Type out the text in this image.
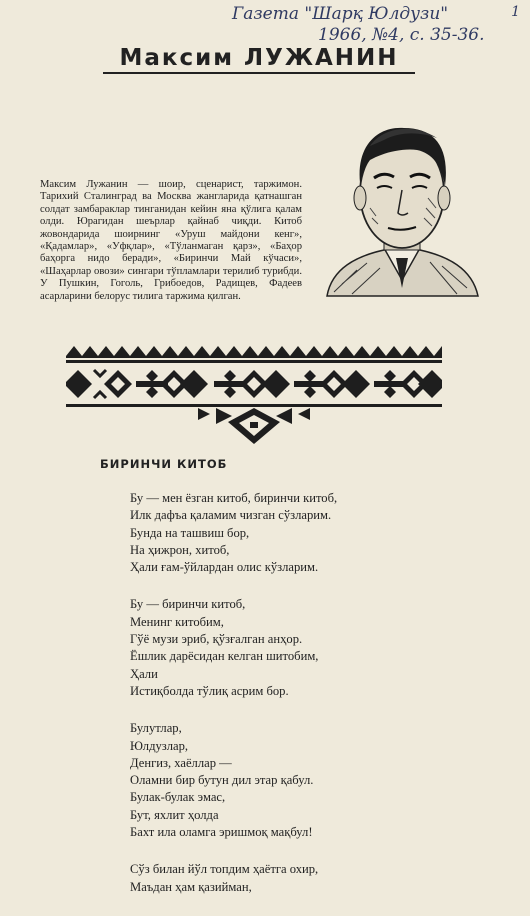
Газета "Шарқ Юлдузи"
1966, №4, с. 35-36.
1
Максим ЛУЖАНИН
Максим Лужанин — шоир, сценарист, таржимон. Тарихий Сталинград ва Москва жангларида қатнашган солдат замбараклар тинганидан кейин яна қўлига қалам олди. Юрагидан шеърлар қайнаб чиқди. Китоб жовондарида шоирнинг «Уруш майдони кенг», «Қадамлар», «Уфқлар», «Тўланмаган қарз», «Баҳор баҳорга нидо беради», «Биринчи Май кўчаси», «Шаҳарлар овози» сингари тўпламлари терилиб турибди. У Пушкин, Гоголь, Грибоедов, Радищев, Фадеев асарларини белорус тилига таржима қилган.
БИРИНЧИ КИТОБ
Бу — мен ёзган китоб, биринчи китоб,
Илк дафъа қаламим чизган сўзларим.
Бунда на ташвиш бор,
На ҳижрон, хитоб,
Ҳали ғам-ўйлардан олис кўзларим.
Бу — биринчи китоб,
Менинг китобим,
Гўё музи эриб, қўзғалган анҳор.
Ёшлик дарёсидан келган шитобим,
Ҳали
Истиқболда тўлиқ асрим бор.
Булутлар,
Юлдузлар,
Денгиз, хаёллар —
Оламни бир бутун дил этар қабул.
Булак-булак эмас,
Бут, яхлит ҳолда
Бахт ила оламга эришмоқ мақбул!
Сўз билан йўл топдим ҳаётга охир,
Маъдан ҳам қазийман,
